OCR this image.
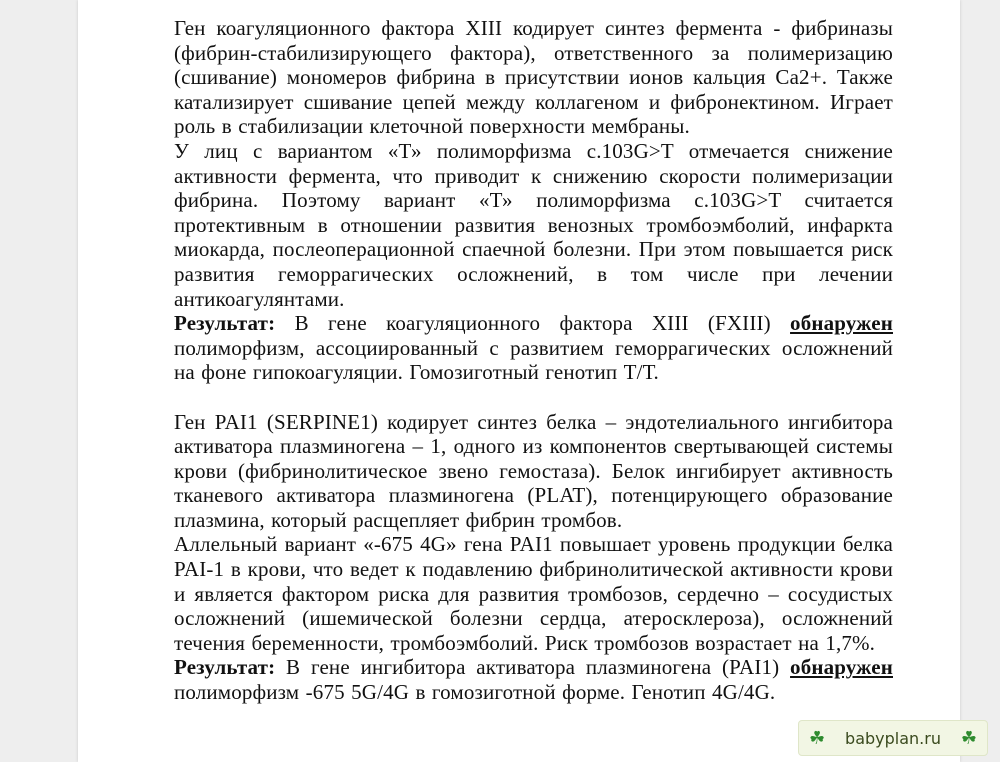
Ген коагуляционного фактора XIII кодирует синтез фермента - фибриназы (фибрин-стабилизирующего фактора), ответственного за полимеризацию (сшивание) мономеров фибрина в присутствии ионов кальция Са2+. Также катализирует сшивание цепей между коллагеном и фибронектином. Играет роль в стабилизации клеточной поверхности мембраны.

У лиц с вариантом «Т» полиморфизма c.103G>T отмечается снижение активности фермента, что приводит к снижению скорости полимеризации фибрина. Поэтому вариант «Т» полиморфизма c.103G>T считается протективным в отношении развития венозных тромбоэмболий, инфаркта миокарда, послеоперационной спаечной болезни. При этом повышается риск развития геморрагических осложнений, в том числе при лечении антикоагулянтами.

Результат: В гене коагуляционного фактора XIII (FXIII) обнаружен полиморфизм, ассоциированный с развитием геморрагических осложнений на фоне гипокоагуляции. Гомозиготный генотип Т/Т.

Ген PAI1 (SERPINE1) кодирует синтез белка – эндотелиального ингибитора активатора плазминогена – 1, одного из компонентов свертывающей системы крови (фибринолитическое звено гемостаза). Белок ингибирует активность тканевого активатора плазминогена (PLAT), потенцирующего образование плазмина, который расщепляет фибрин тромбов.

Аллельный вариант «-675 4G» гена PAI1 повышает уровень продукции белка PAI-1 в крови, что ведет к подавлению фибринолитической активности крови и является фактором риска для развития тромбозов, сердечно – сосудистых осложнений (ишемической болезни сердца, атеросклероза), осложнений течения беременности, тромбоэмболий. Риск тромбозов возрастает на 1,7%.

Результат: В гене ингибитора активатора плазминогена (PAI1) обнаружен полиморфизм -675 5G/4G в гомозиготной форме. Генотип 4G/4G.

☘ babyplan.ru ☘
